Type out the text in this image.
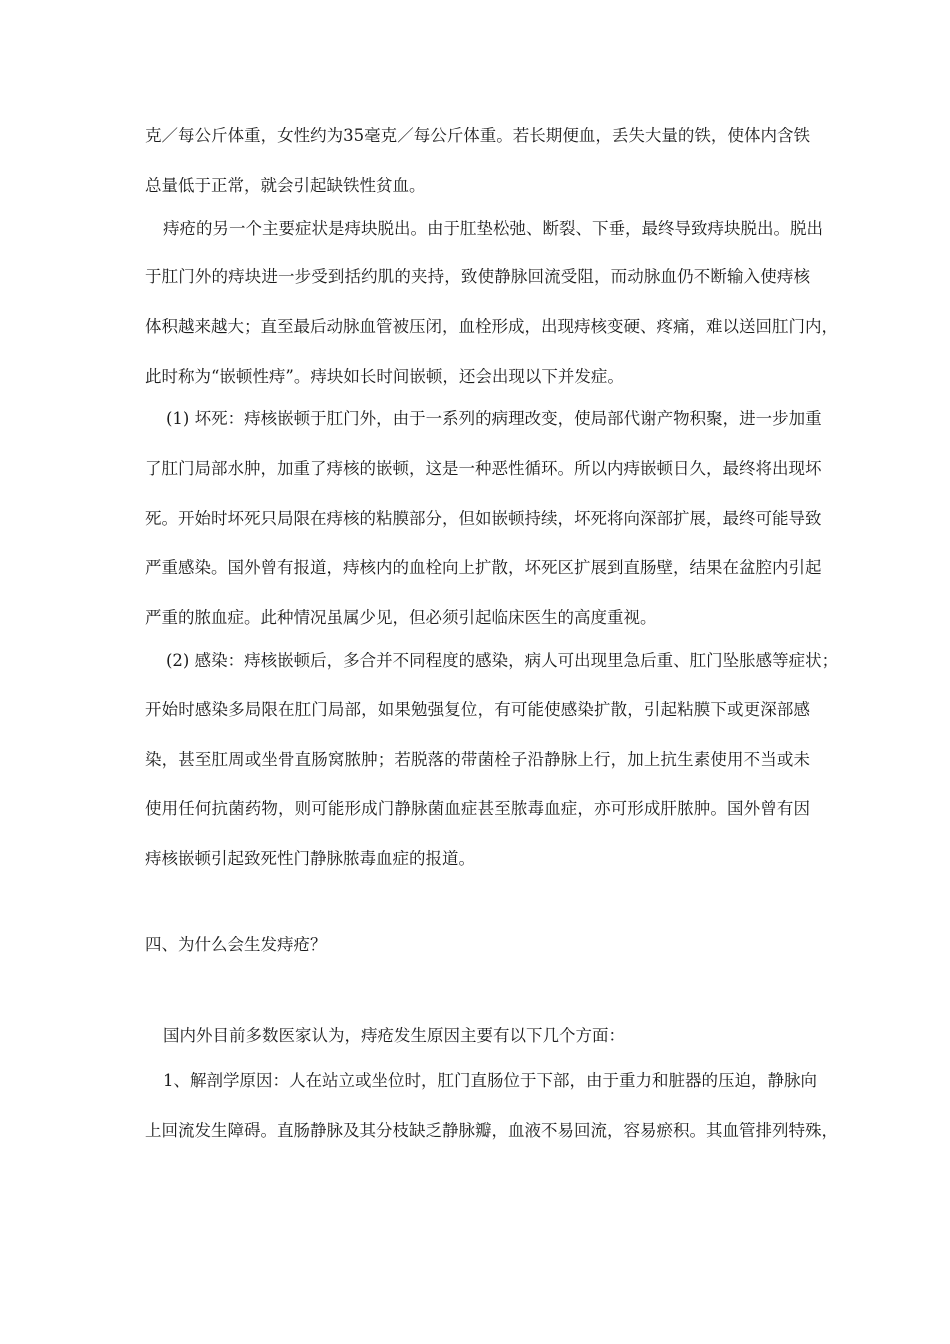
克／每公斤体重，女性约为35毫克／每公斤体重。若长期便血，丢失大量的铁，使体内含铁
总量低于正常，就会引起缺铁性贫血。
痔疮的另一个主要症状是痔块脱出。由于肛垫松弛、断裂、下垂，最终导致痔块脱出。脱出
于肛门外的痔块进一步受到括约肌的夹持，致使静脉回流受阻，而动脉血仍不断输入使痔核
体积越来越大；直至最后动脉血管被压闭，血栓形成，出现痔核变硬、疼痛，难以送回肛门内，
此时称为“嵌顿性痔”。痔块如长时间嵌顿，还会出现以下并发症。
(1) 坏死：痔核嵌顿于肛门外，由于一系列的病理改变，使局部代谢产物积聚，进一步加重
了肛门局部水肿，加重了痔核的嵌顿，这是一种恶性循环。所以内痔嵌顿日久，最终将出现坏
死。开始时坏死只局限在痔核的粘膜部分，但如嵌顿持续，坏死将向深部扩展，最终可能导致
严重感染。国外曾有报道，痔核内的血栓向上扩散，坏死区扩展到直肠壁，结果在盆腔内引起
严重的脓血症。此种情况虽属少见，但必须引起临床医生的高度重视。
(2) 感染：痔核嵌顿后，多合并不同程度的感染，病人可出现里急后重、肛门坠胀感等症状；
开始时感染多局限在肛门局部，如果勉强复位，有可能使感染扩散，引起粘膜下或更深部感
染，甚至肛周或坐骨直肠窝脓肿；若脱落的带菌栓子沿静脉上行，加上抗生素使用不当或未
使用任何抗菌药物，则可能形成门静脉菌血症甚至脓毒血症，亦可形成肝脓肿。国外曾有因
痔核嵌顿引起致死性门静脉脓毒血症的报道。
四、为什么会生发痔疮？
国内外目前多数医家认为，痔疮发生原因主要有以下几个方面：
1、解剖学原因：人在站立或坐位时，肛门直肠位于下部，由于重力和脏器的压迫，静脉向
上回流发生障碍。直肠静脉及其分枝缺乏静脉瓣，血液不易回流，容易瘀积。其血管排列特殊，
